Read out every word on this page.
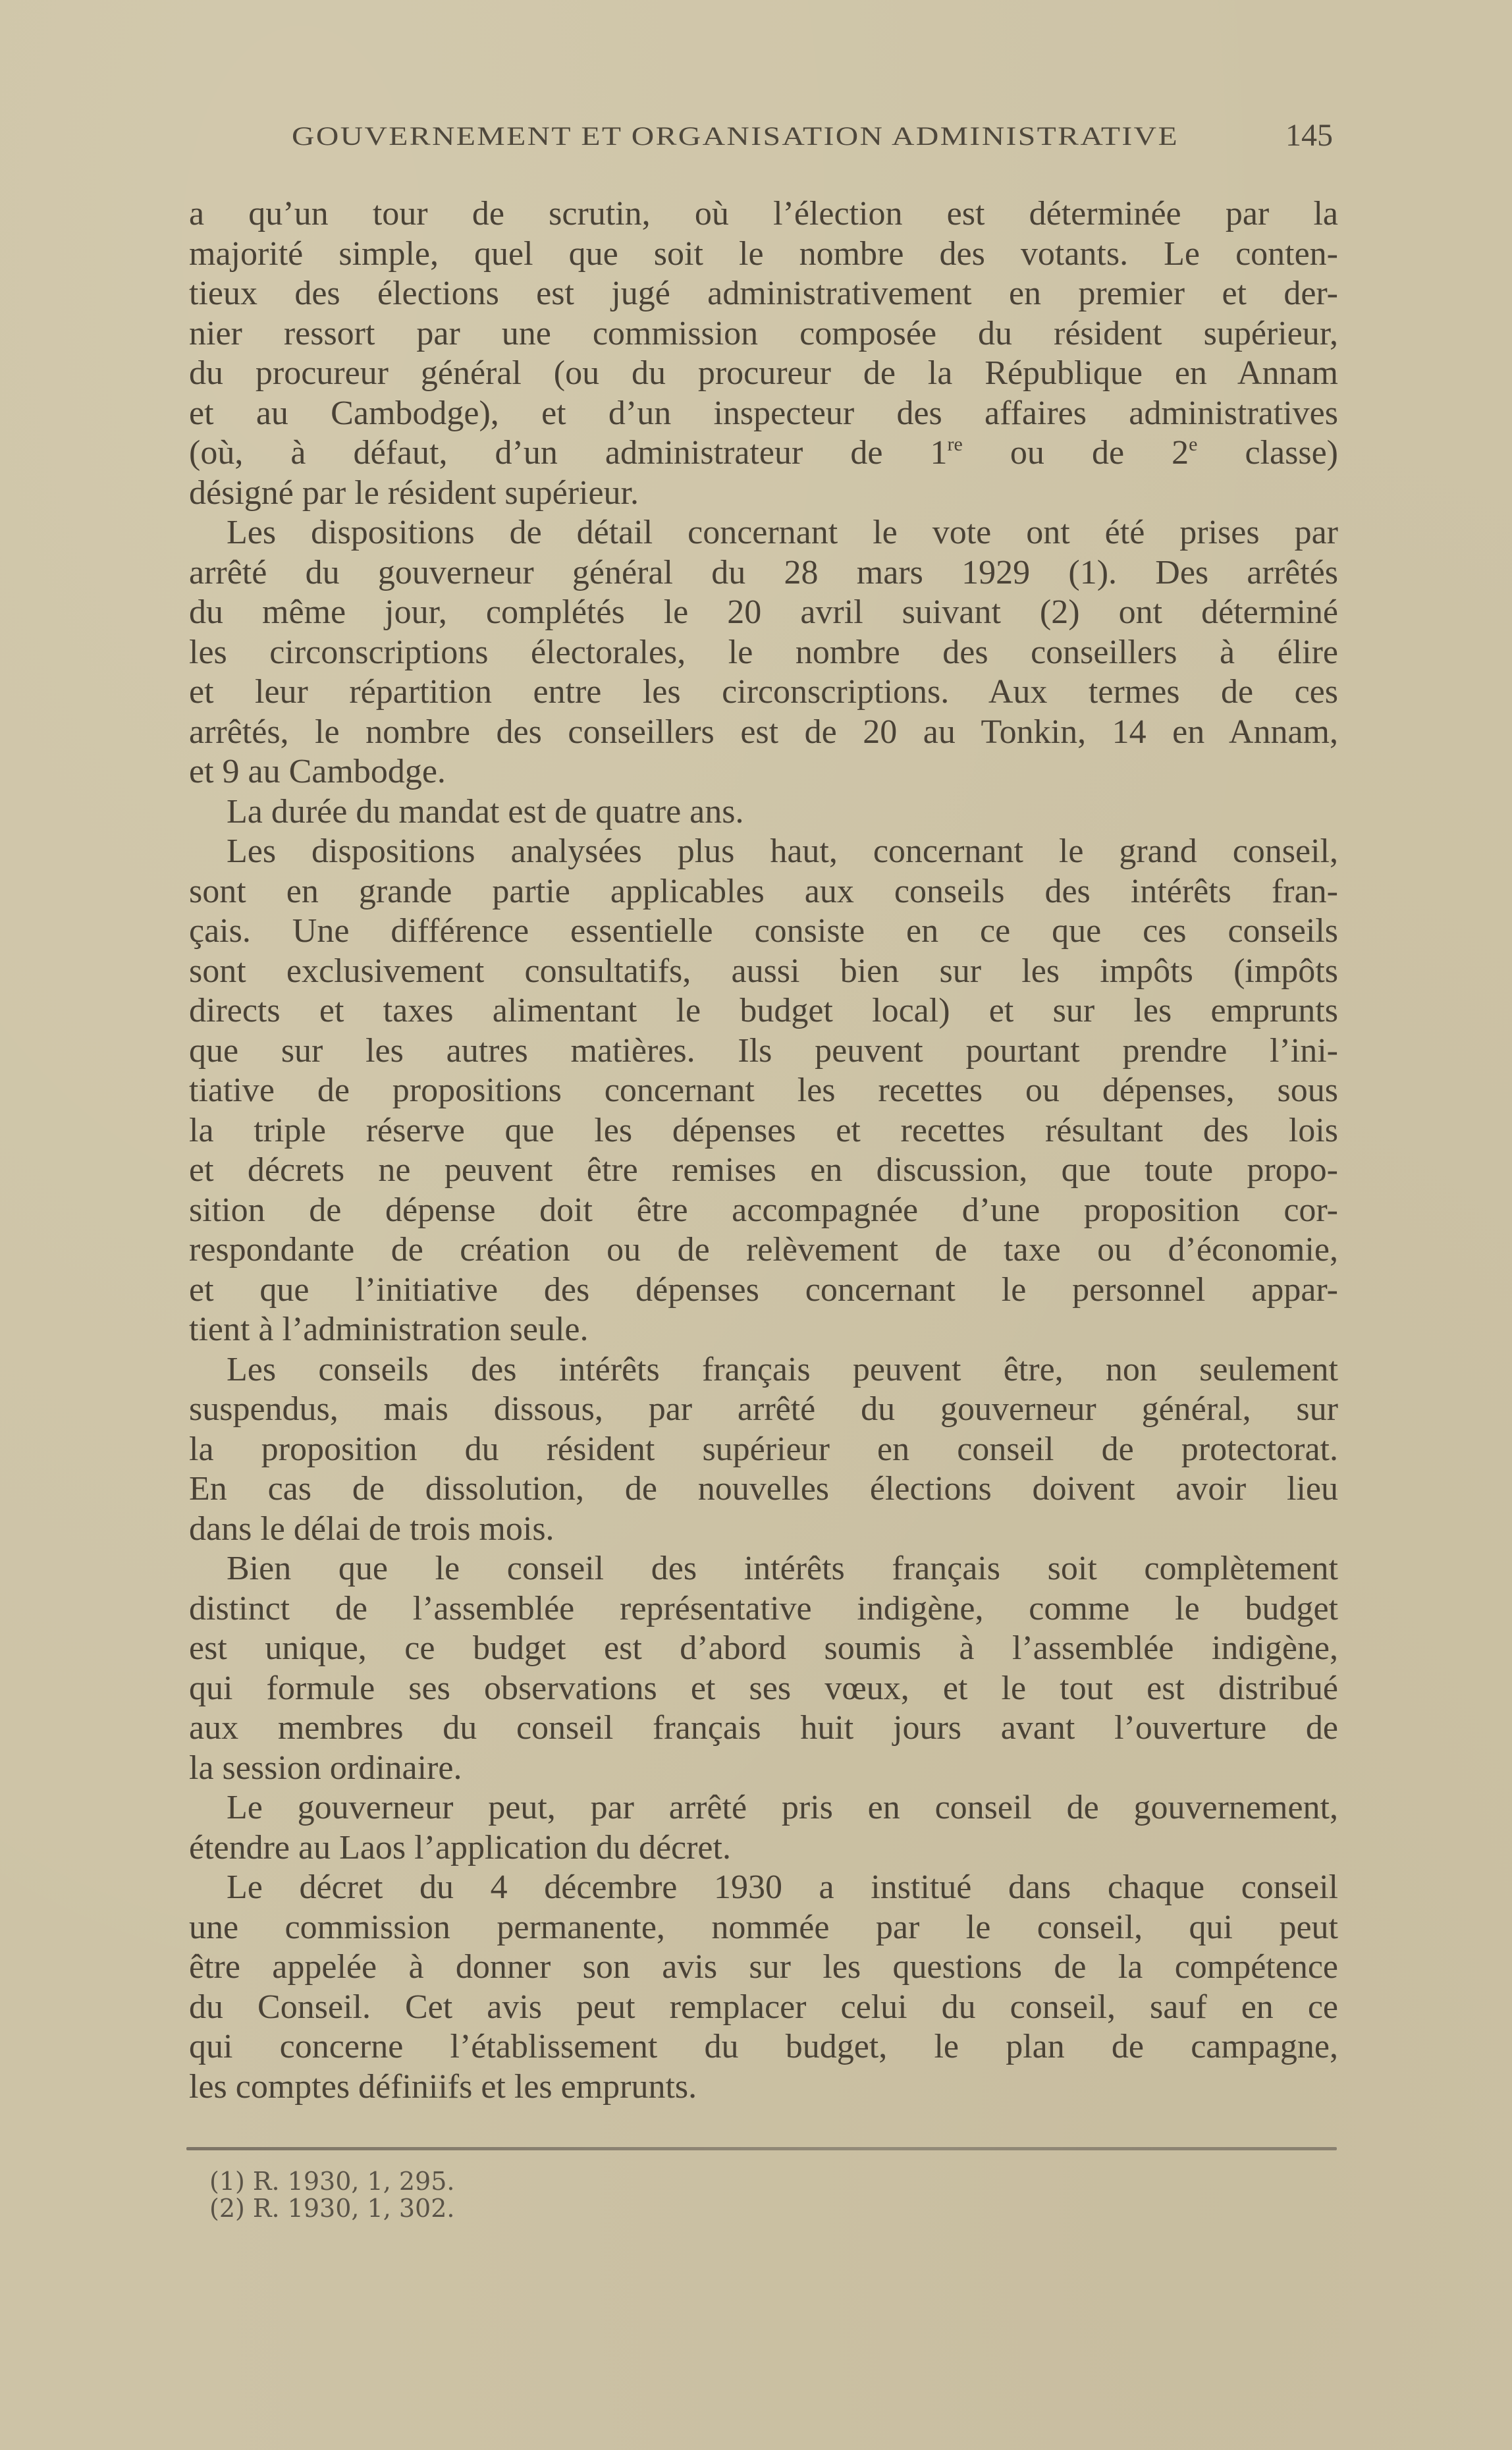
GOUVERNEMENT ET ORGANISATION ADMINISTRATIVE	145
a qu’un tour de scrutin, où l’élection est déterminée par la
majorité simple, quel que soit le nombre des votants. Le conten-
tieux des élections est jugé administrativement en premier et der-
nier ressort par une commission composée du résident supérieur,
du procureur général (ou du procureur de la République en Annam
et au Cambodge), et d’un inspecteur des affaires administratives
(où, à défaut, d’un administrateur de 1re ou de 2e classe)
désigné par le résident supérieur.
Les dispositions de détail concernant le vote ont été prises par
arrêté du gouverneur général du 28 mars 1929 (1). Des arrêtés
du même jour, complétés le 20 avril suivant (2) ont déterminé
les circonscriptions électorales, le nombre des conseillers à élire
et leur répartition entre les circonscriptions. Aux termes de ces
arrêtés, le nombre des conseillers est de 20 au Tonkin, 14 en Annam,
et 9 au Cambodge.
La durée du mandat est de quatre ans.
Les dispositions analysées plus haut, concernant le grand conseil,
sont en grande partie applicables aux conseils des intérêts fran-
çais. Une différence essentielle consiste en ce que ces conseils
sont exclusivement consultatifs, aussi bien sur les impôts (impôts
directs et taxes alimentant le budget local) et sur les emprunts
que sur les autres matières. Ils peuvent pourtant prendre l’ini-
tiative de propositions concernant les recettes ou dépenses, sous
la triple réserve que les dépenses et recettes résultant des lois
et décrets ne peuvent être remises en discussion, que toute propo-
sition de dépense doit être accompagnée d’une proposition cor-
respondante de création ou de relèvement de taxe ou d’économie,
et que l’initiative des dépenses concernant le personnel appar-
tient à l’administration seule.
Les conseils des intérêts français peuvent être, non seulement
suspendus, mais dissous, par arrêté du gouverneur général, sur
la proposition du résident supérieur en conseil de protectorat.
En cas de dissolution, de nouvelles élections doivent avoir lieu
dans le délai de trois mois.
Bien que le conseil des intérêts français soit complètement
distinct de l’assemblée représentative indigène, comme le budget
est unique, ce budget est d’abord soumis à l’assemblée indigène,
qui formule ses observations et ses vœux, et le tout est distribué
aux membres du conseil français huit jours avant l’ouverture de
la session ordinaire.
Le gouverneur peut, par arrêté pris en conseil de gouvernement,
étendre au Laos l’application du décret.
Le décret du 4 décembre 1930 a institué dans chaque conseil
une commission permanente, nommée par le conseil, qui peut
être appelée à donner son avis sur les questions de la compétence
du Conseil. Cet avis peut remplacer celui du conseil, sauf en ce
qui concerne l’établissement du budget, le plan de campagne,
les comptes définiifs et les emprunts.
(1) R. 1930, 1, 295.
(2) R. 1930, 1, 302.
